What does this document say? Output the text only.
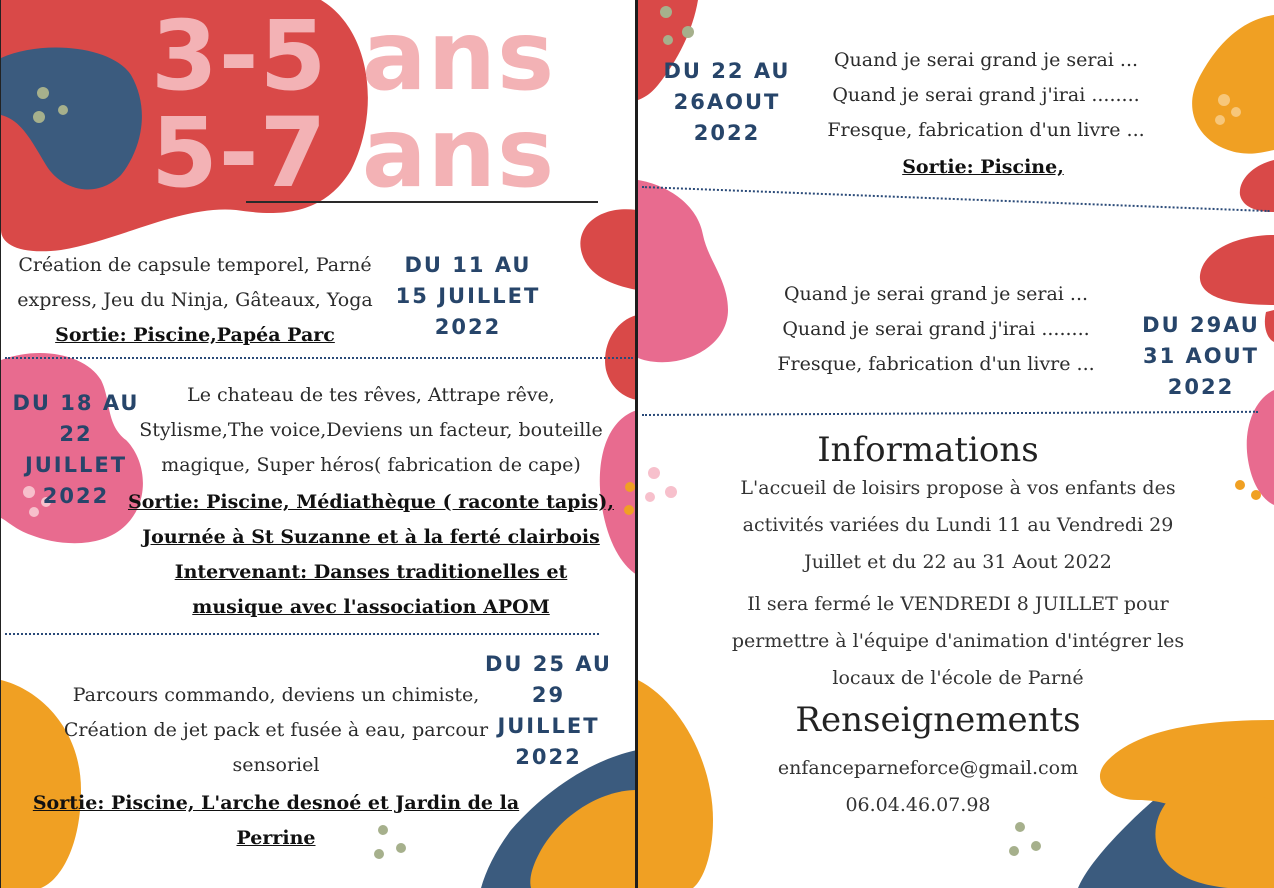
3-5 ans
5-7 ans
Création de capsule temporel, Parné
express, Jeu du Ninja, Gâteaux, Yoga
Sortie: Piscine,Papéa Parc
DU 11 AU
15 JUILLET
2022
DU 18 AU
22
JUILLET
2022
Le chateau de tes rêves, Attrape rêve,
Stylisme,The voice,Deviens un facteur, bouteille
magique, Super héros( fabrication de cape)
Sortie: Piscine, Médiathèque ( raconte tapis),
Journée à St Suzanne et à la ferté clairbois
Intervenant: Danses traditionelles et
musique avec l'association APOM
Parcours commando, deviens un chimiste,
Création de jet pack et fusée à eau, parcour
sensoriel
Sortie: Piscine, L'arche desnoé et Jardin de la
Perrine
DU 25 AU
29
JUILLET
2022
DU 22 AU
26AOUT
2022
Quand je serai grand je serai ...
Quand je serai grand j'irai ........
Fresque, fabrication d'un livre ...
Sortie: Piscine,
Quand je serai grand je serai ...
Quand je serai grand j'irai ........
Fresque, fabrication d'un livre ...
DU 29AU
31 AOUT
2022
Informations
L'accueil de loisirs propose à vos enfants des
activités variées du Lundi 11 au Vendredi 29
Juillet et du 22 au 31 Aout 2022
Il sera fermé le VENDREDI 8 JUILLET pour
permettre à l'équipe d'animation d'intégrer les
locaux de l'école de Parné
Renseignements
enfanceparneforce@gmail.com
06.04.46.07.98
